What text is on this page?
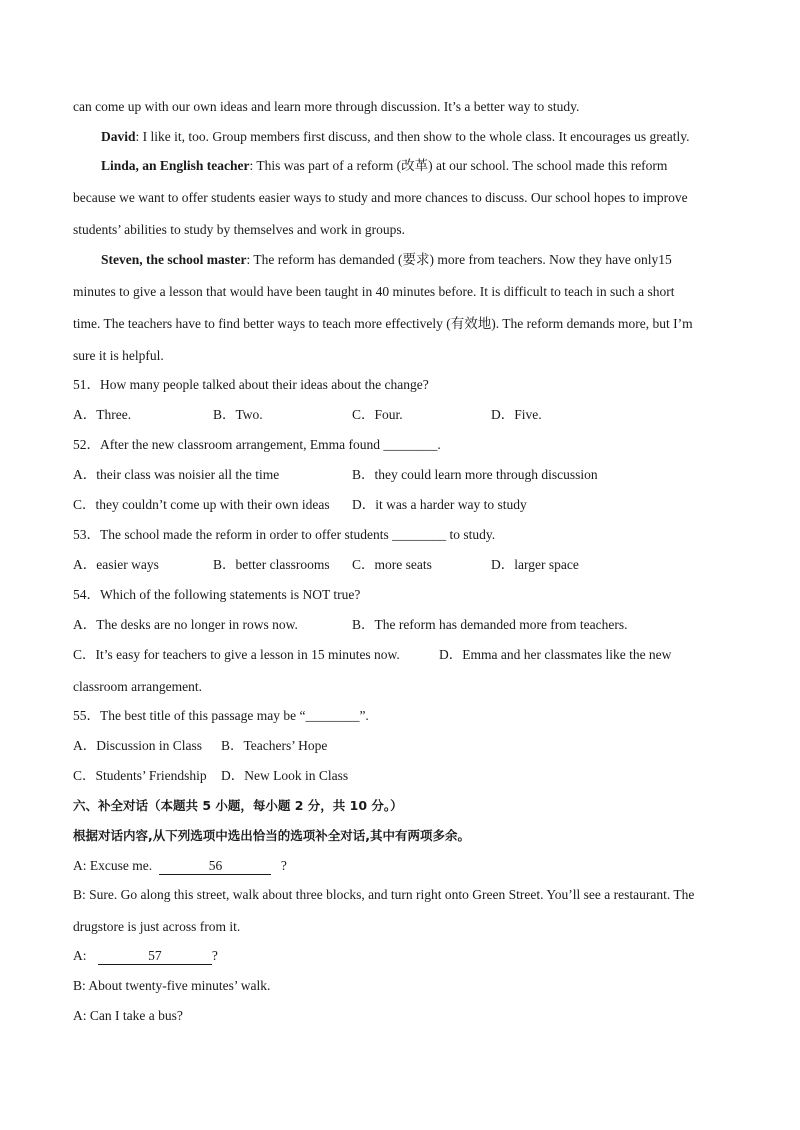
can come up with our own ideas and learn more through discussion. It’s a better way to study.
David: I like it, too. Group members first discuss, and then show to the whole class. It encourages us greatly.
Linda, an English teacher: This was part of a reform (改革) at our school. The school made this reform
because we want to offer students easier ways to study and more chances to discuss. Our school hopes to improve
students’ abilities to study by themselves and work in groups.
Steven, the school master: The reform has demanded (要求) more from teachers. Now they have only15
minutes to give a lesson that would have been taught in 40 minutes before. It is difficult to teach in such a short
time. The teachers have to find better ways to teach more effectively (有效地). The reform demands more, but I’m
sure it is helpful.
51．How many people talked about their ideas about the change?
A．Three.	B．Two.	C．Four.	D．Five.
52．After the new classroom arrangement, Emma found ________.
A．their class was noisier all the time	B．they could learn more through discussion
C．they couldn’t come up with their own ideas D．it was a harder way to study
53．The school made the reform in order to offer students ________ to study.
A．easier ways	B．better classrooms C．more seats	D．larger space
54．Which of the following statements is NOT true?
A．The desks are no longer in rows now.	B．The reform has demanded more from teachers.
C．It’s easy for teachers to give a lesson in 15 minutes now.	D．Emma and her classmates like the new
classroom arrangement.
55．The best title of this passage may be “________”.
A．Discussion in Class B．Teachers’ Hope
C．Students’ Friendship D．New Look in Class
六、补全对话（本题共 5 小题，每小题 2 分，共 10 分。）
根据对话内容,从下列选项中选出恰当的选项补全对话,其中有两项多余。
A: Excuse me.	56	?
B: Sure. Go along this street, walk about three blocks, and turn right onto Green Street. You’ll see a restaurant. The
drugstore is just across from it.
A:	57	?
B: About twenty-five minutes’ walk.
A: Can I take a bus?
